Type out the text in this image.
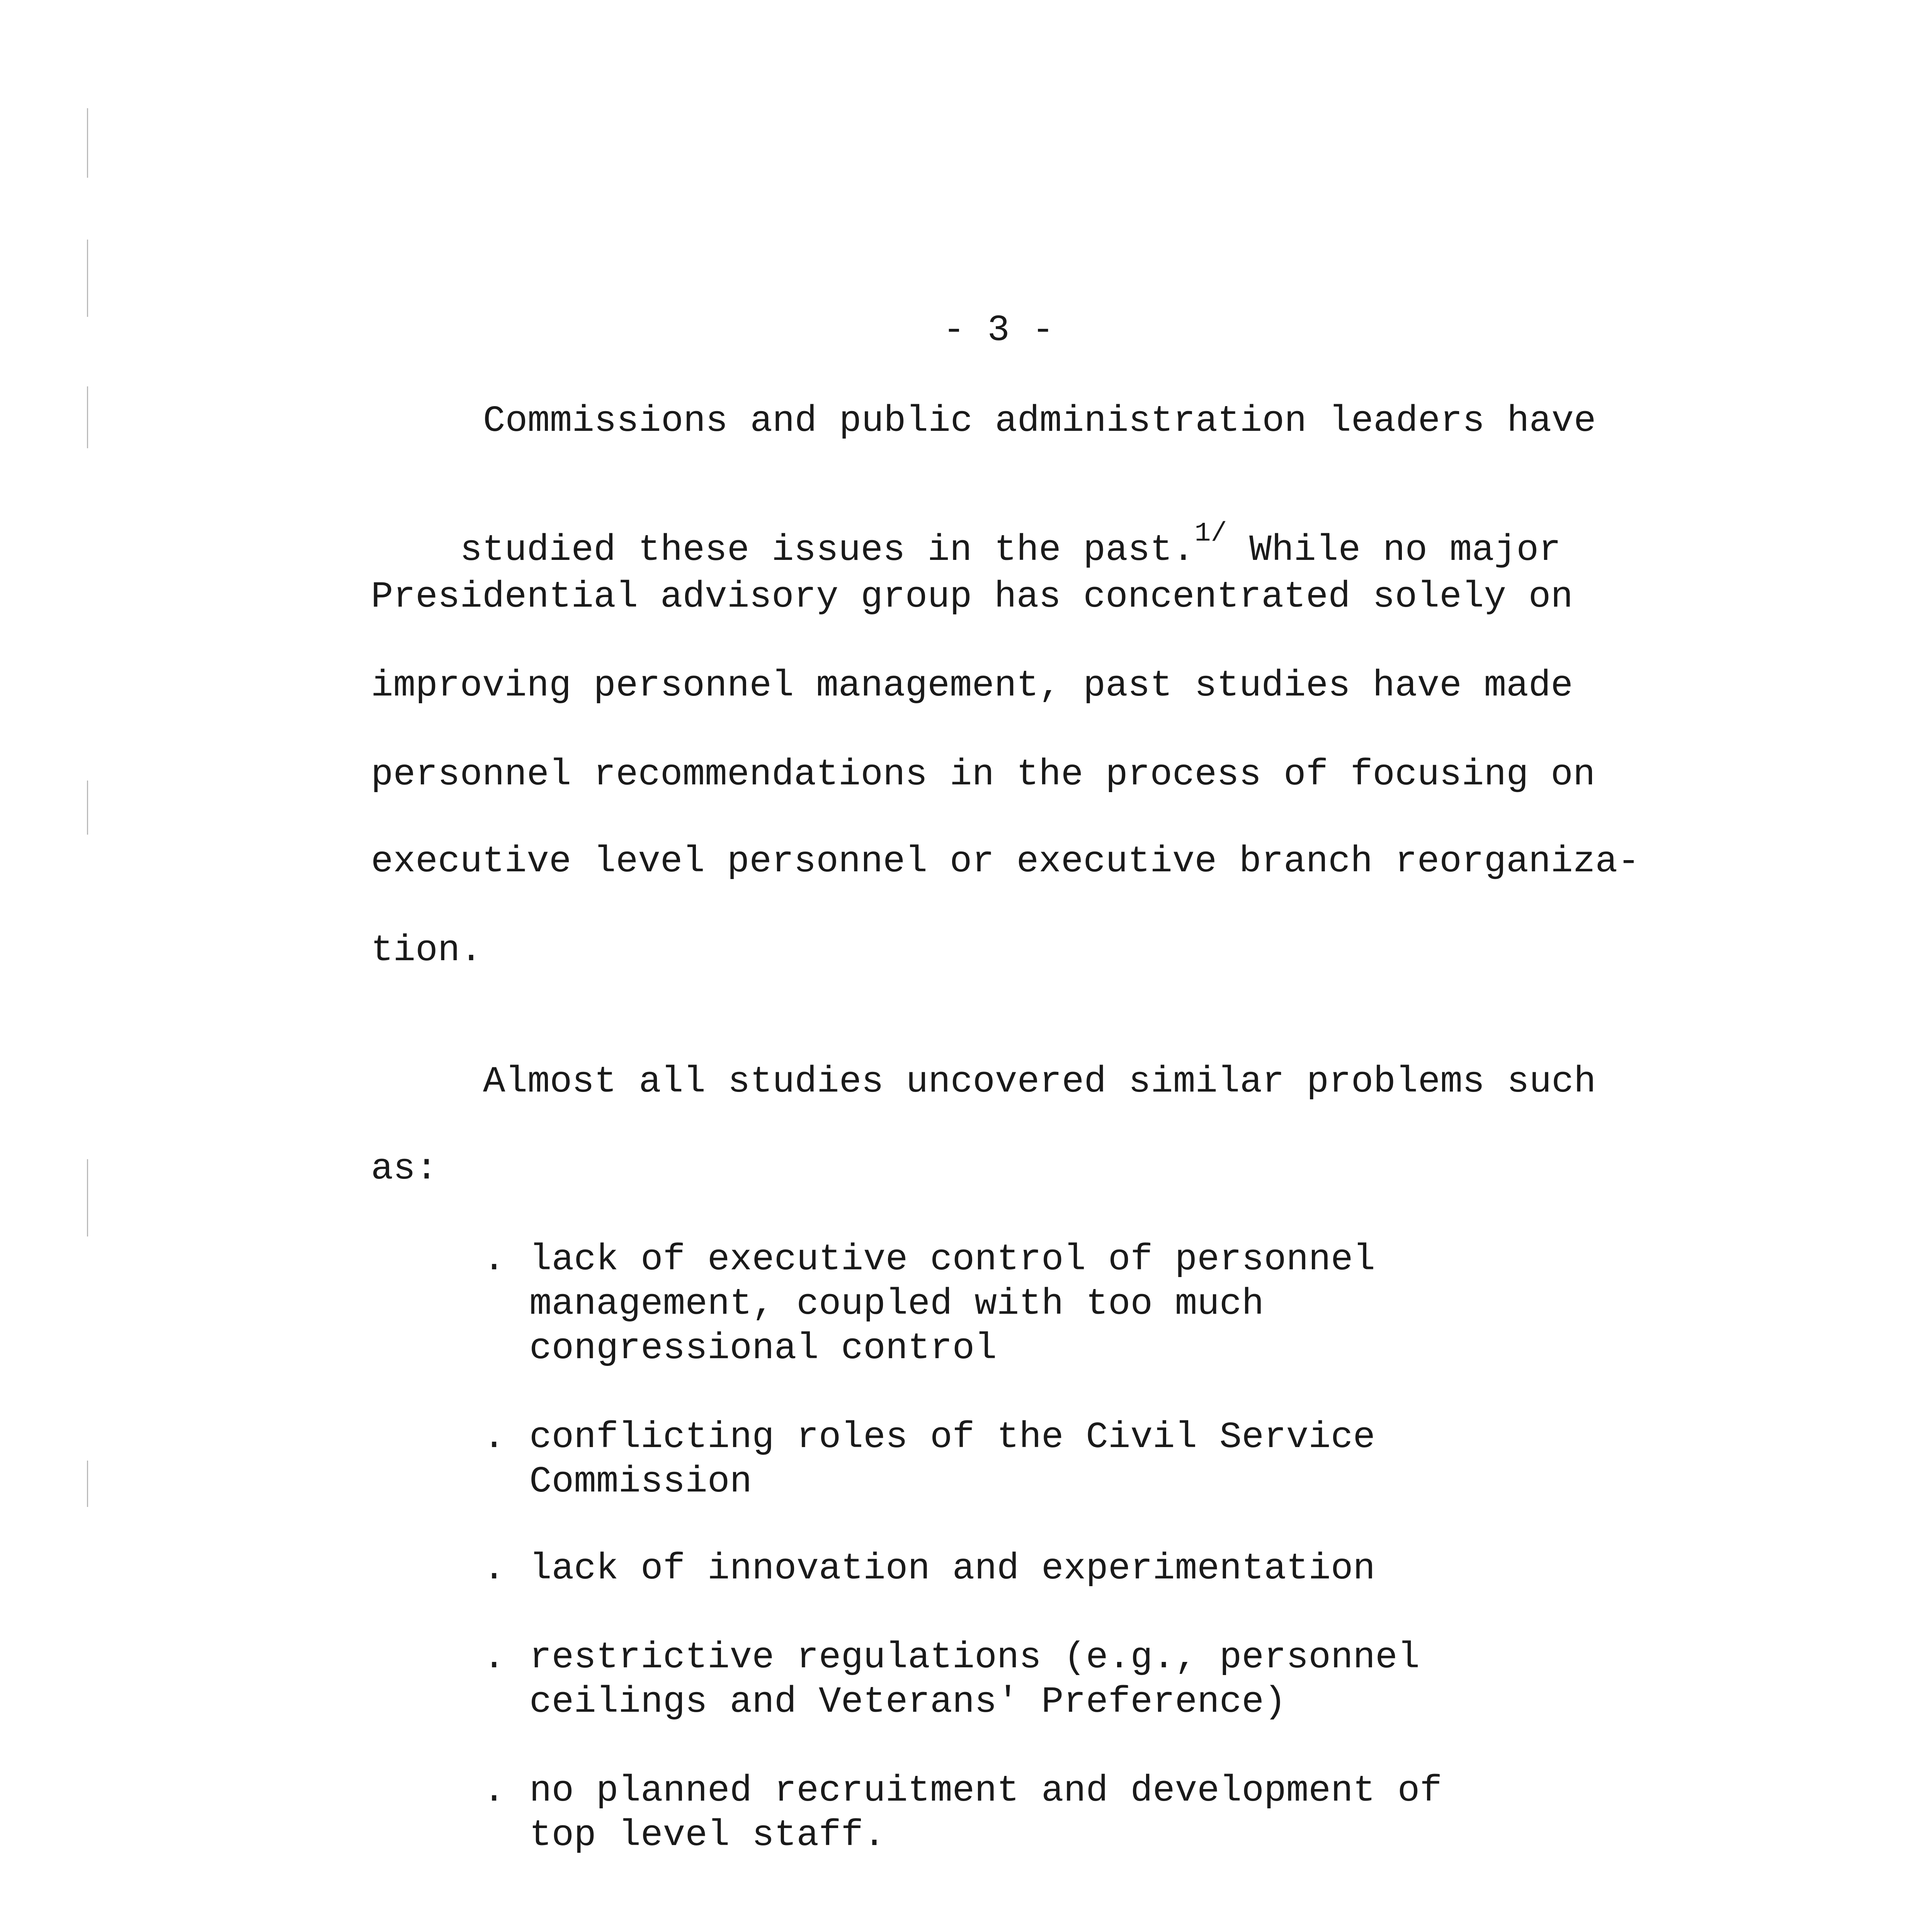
- 3 -
Commissions and public administration leaders have

studied these issues in the past.$^{1/}$ While no major

Presidential advisory group has concentrated solely on
improving personnel management, past studies have made
personnel recommendations in the process of focusing on
executive level personnel or executive branch reorganiza-
tion.
Almost all studies uncovered similar problems such
as:
. lack of executive control of personnel
management, coupled with too much
congressional control
. conflicting roles of the Civil Service
Commission
. lack of innovation and experimentation
. restrictive regulations (e.g., personnel
ceilings and Veterans' Preference)
. no planned recruitment and development of
top level staff.
